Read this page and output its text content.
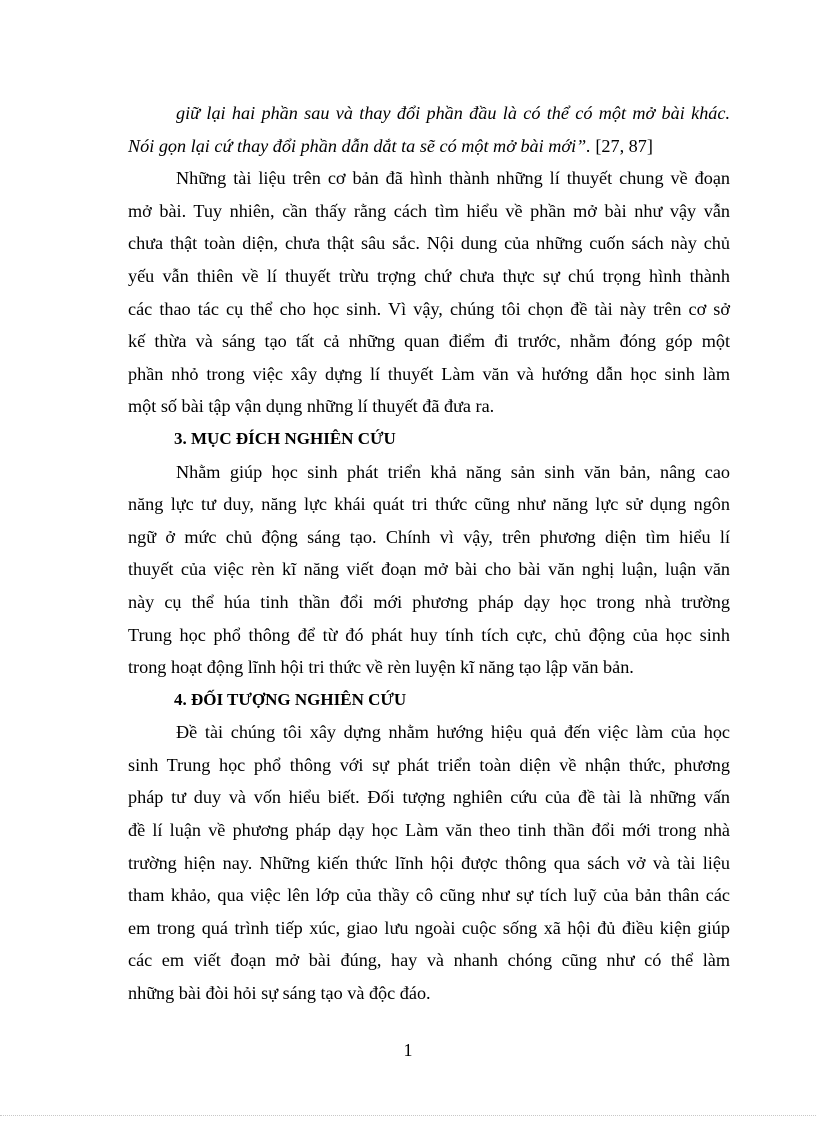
giữ lại hai phần sau và thay đổi phần đầu là có thể có một mở bài khác.
Nói gọn lại cứ thay đổi phần dẫn dắt ta sẽ có một mở bài mới”. [27, 87]
Những tài liệu trên cơ bản đã hình thành những lí thuyết chung về đoạn
mở bài. Tuy nhiên, cần thấy rằng cách tìm hiểu về phần mở bài như vậy vẫn
chưa thật toàn diện, chưa thật sâu sắc. Nội dung của những cuốn sách này chủ
yếu vẫn thiên về lí thuyết trừu trợng chứ chưa thực sự chú trọng hình thành
các thao tác cụ thể cho học sinh. Vì vậy, chúng tôi chọn đề tài này trên cơ sở
kế thừa và sáng tạo tất cả những quan điểm đi trước, nhằm đóng góp một
phần nhỏ trong việc xây dựng lí thuyết Làm văn và hướng dẫn học sinh làm
một số bài tập vận dụng những lí thuyết đã đưa ra.
3. MỤC ĐÍCH NGHIÊN CỨU
Nhằm giúp học sinh phát triển khả năng sản sinh văn bản, nâng cao
năng lực tư duy, năng lực khái quát tri thức cũng như năng lực sử dụng ngôn
ngữ ở mức chủ động sáng tạo. Chính vì vậy, trên phương diện tìm hiểu lí
thuyết của việc rèn kĩ năng viết đoạn mở bài cho bài văn nghị luận, luận văn
này cụ thể húa tinh thần đổi mới phương pháp dạy học trong nhà trường
Trung học phổ thông để từ đó phát huy tính tích cực, chủ động của học sinh
trong hoạt động lĩnh hội tri thức về rèn luyện kĩ năng tạo lập văn bản.
4. ĐỐI TƯỢNG NGHIÊN CỨU
Đề tài chúng tôi xây dựng nhằm hướng hiệu quả đến việc làm của học
sinh Trung học phổ thông với sự phát triển toàn diện về nhận thức, phương
pháp tư duy và vốn hiểu biết. Đối tượng nghiên cứu của đề tài là những vấn
đề lí luận về phương pháp dạy học Làm văn theo tinh thần đổi mới trong nhà
trường hiện nay. Những kiến thức lĩnh hội được thông qua sách vở và tài liệu
tham khảo, qua việc lên lớp của thầy cô cũng như sự tích luỹ của bản thân các
em trong quá trình tiếp xúc, giao lưu ngoài cuộc sống xã hội đủ điều kiện giúp
các em viết đoạn mở bài đúng, hay và nhanh chóng cũng như có thể làm
những bài đòi hỏi sự sáng tạo và độc đáo.
1
